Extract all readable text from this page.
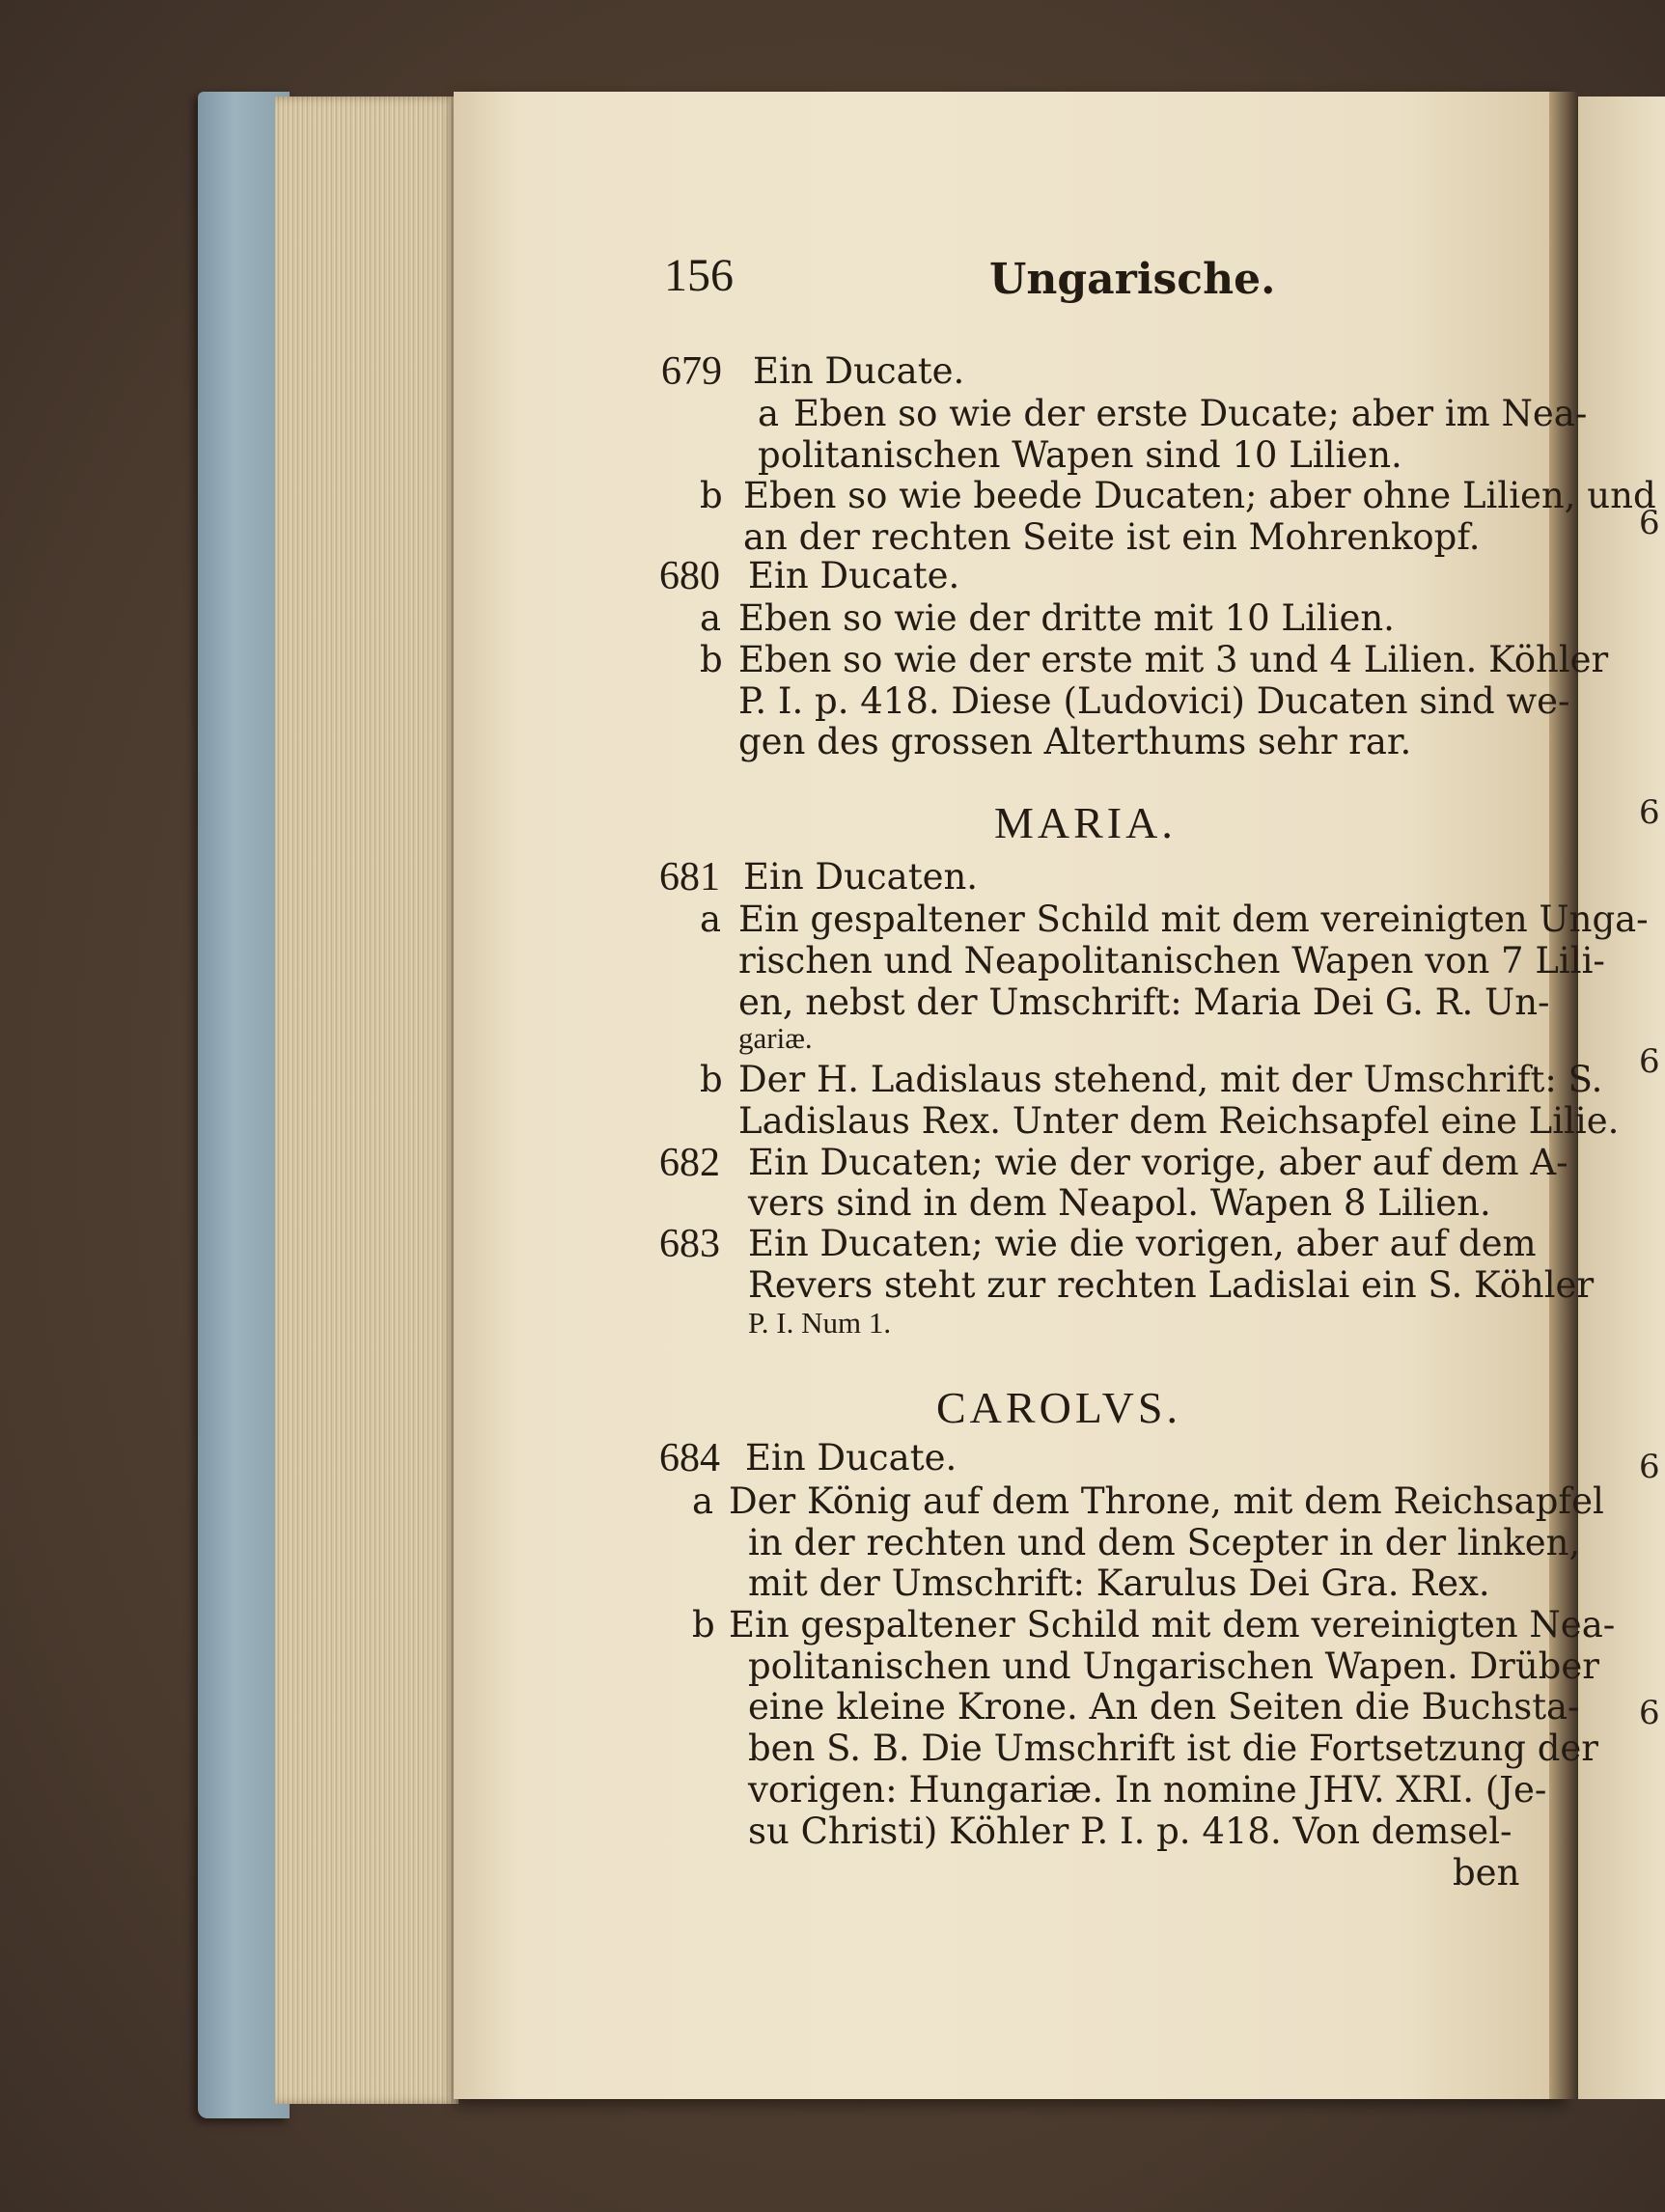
6
6
6
6
6
156	Ungarische.
679 Ein Ducate.
a Eben so wie der erste Ducate; aber im Nea-
politanischen Wapen sind 10 Lilien.
b Eben so wie beede Ducaten; aber ohne Lilien, und
an der rechten Seite ist ein Mohrenkopf.
680 Ein Ducate.
a Eben so wie der dritte mit 10 Lilien.
b Eben so wie der erste mit 3 und 4 Lilien. Köhler
P. I. p. 418. Diese (Ludovici) Ducaten sind we-
gen des grossen Alterthums sehr rar.
MARIA.
681 Ein Ducaten.
a Ein gespaltener Schild mit dem vereinigten Unga-
rischen und Neapolitanischen Wapen von 7 Lili-
en, nebst der Umschrift: Maria Dei G. R. Un-
gariæ.
b Der H. Ladislaus stehend, mit der Umschrift: S.
Ladislaus Rex. Unter dem Reichsapfel eine Lilie.
682 Ein Ducaten; wie der vorige, aber auf dem A-
vers sind in dem Neapol. Wapen 8 Lilien.
683 Ein Ducaten; wie die vorigen, aber auf dem
Revers steht zur rechten Ladislai ein S. Köhler
P. I. Num 1.
CAROLVS.
684 Ein Ducate.
a Der König auf dem Throne, mit dem Reichsapfel
in der rechten und dem Scepter in der linken,
mit der Umschrift: Karulus Dei Gra. Rex.
b Ein gespaltener Schild mit dem vereinigten Nea-
politanischen und Ungarischen Wapen. Drüber
eine kleine Krone. An den Seiten die Buchsta-
ben S. B. Die Umschrift ist die Fortsetzung der
vorigen: Hungariæ. In nomine JHV. XRI. (Je-
su Christi) Köhler P. I. p. 418. Von demsel-
ben
